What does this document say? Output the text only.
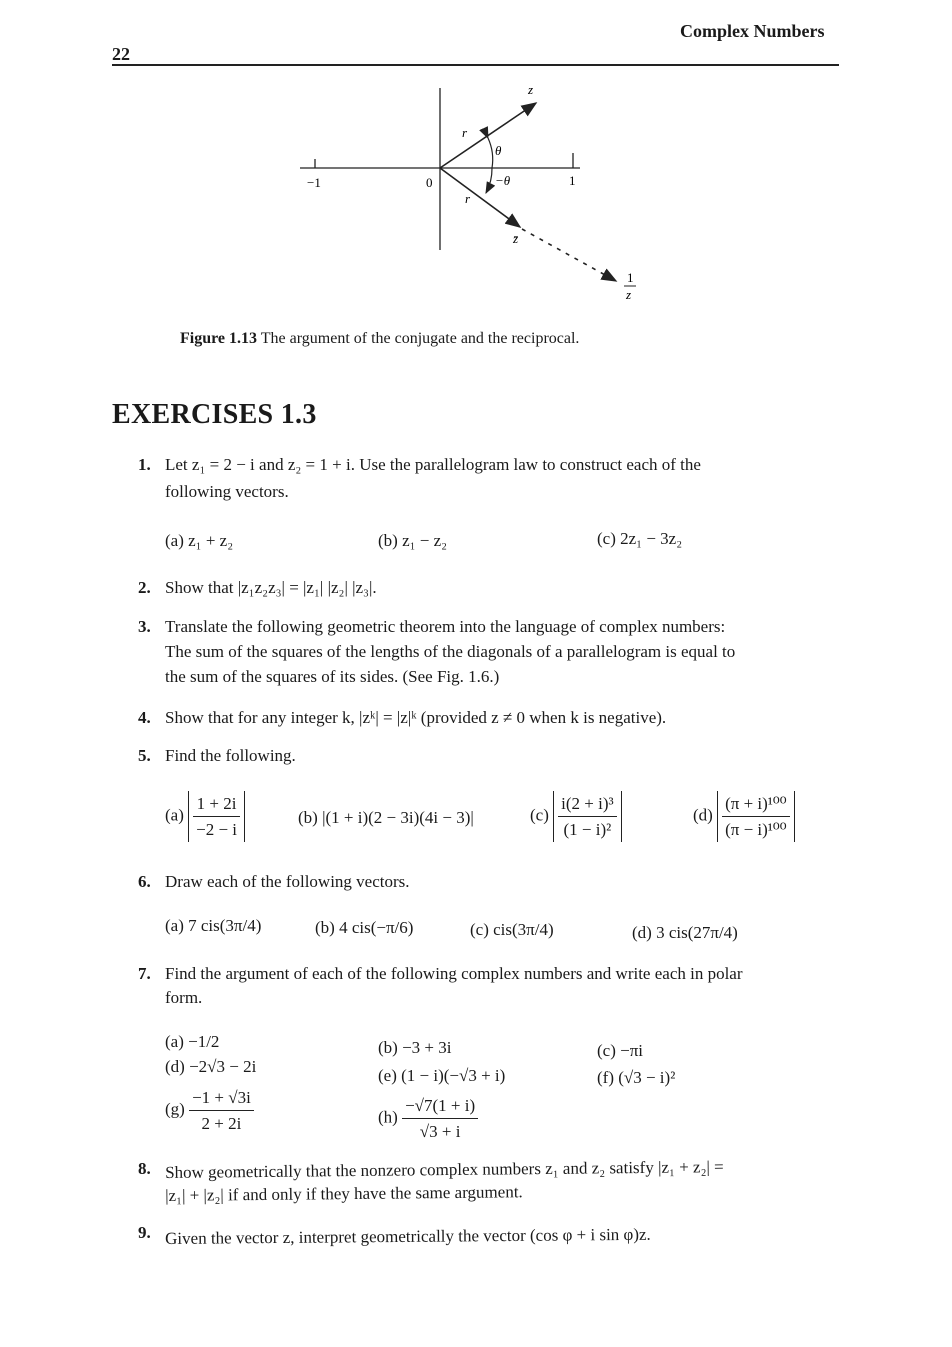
22
Complex Numbers
z
r
θ
−θ
r
z̄
1
z
−1	0	1
Figure 1.13 The argument of the conjugate and the reciprocal.
EXERCISES 1.3
1. Let z₁ = 2 − i and z₂ = 1 + i. Use the parallelogram law to construct each of the
following vectors.
(a) z₁ + z₂	(b) z₁ − z₂	(c) 2z₁ − 3z₂
2. Show that |z₁z₂z₃| = |z₁| |z₂| |z₃|.
3. Translate the following geometric theorem into the language of complex numbers:
The sum of the squares of the lengths of the diagonals of a parallelogram is equal to
the sum of the squares of its sides. (See Fig. 1.6.)
4. Show that for any integer k, |zᵏ| = |z|ᵏ (provided z ≠ 0 when k is negative).
5. Find the following.
$(a) \frac{1 + 2i}{-2 - i}$	(b) |(1 + i)(2 − 3i)(4i − 3)|	$(c) \frac{\text{i(2 + i)³}}{\text{(1 − i)²}}$	$(d) \frac{\text{(π + i)¹⁰⁰}}{\text{(π − i)¹⁰⁰}}$
6. Draw each of the following vectors.
(a) 7 cis(3π/4)	(b) 4 cis(−π/6)	(c) cis(3π/4)	(d) 3 cis(27π/4)
7. Find the argument of each of the following complex numbers and write each in polar
form.
(a) −1/2	(b) −3 + 3i	(c) −πi
(d) −2√3 − 2i	(e) (1 − i)(−√3 + i)	(f) (√3 − i)²
$(g) \frac{-1 + √3i}{2 + 2i}$	$(h) \frac{-√7(1 + i)}{√3 + i}$
8. Show geometrically that the nonzero complex numbers z₁ and z₂ satisfy |z₁ + z₂| =
|z₁| + |z₂| if and only if they have the same argument.
9. Given the vector z, interpret geometrically the vector (cos φ + i sin φ)z.
